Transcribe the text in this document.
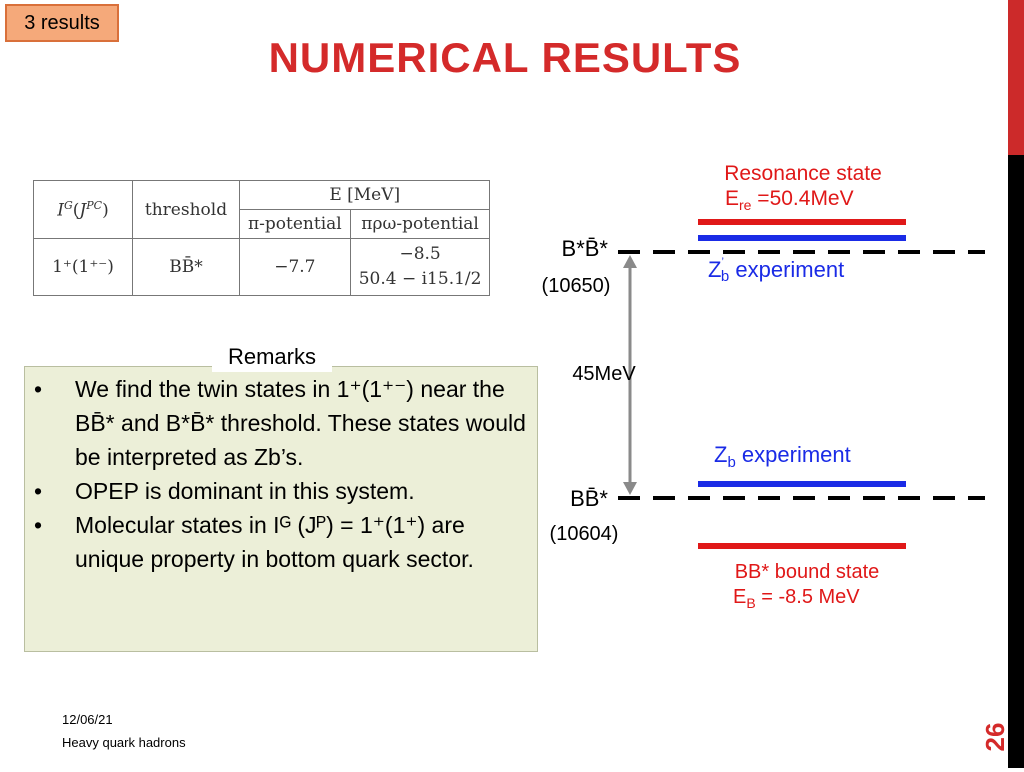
3 results
NUMERICAL RESULTS
$I^G(J^{PC})$	threshold	E [MeV]	
		π-potential	πρω-potential
1⁺(1⁺⁻)	BB̄*	−7.7	−8.5
50.4 − i15.1/2
Remarks
• We find the twin states in 1⁺(1⁺⁻) near the BB̄* and B*B̄* threshold. These states would be interpreted as Zb’s.
• OPEP is dominant in this system.
• Molecular states in Iᴳ (Jᴾ) = 1⁺(1⁺) are unique property in bottom quark sector.
B*B̄*
(10650)
BB̄*
(10604)
45MeV
Resonance state
$E_{re} =50.4MeV$
Z’ b experiment
$Z_b$ experiment
BB* bound state
$E_B = -8.5$ MeV
12/06/21
Heavy quark hadrons	26
